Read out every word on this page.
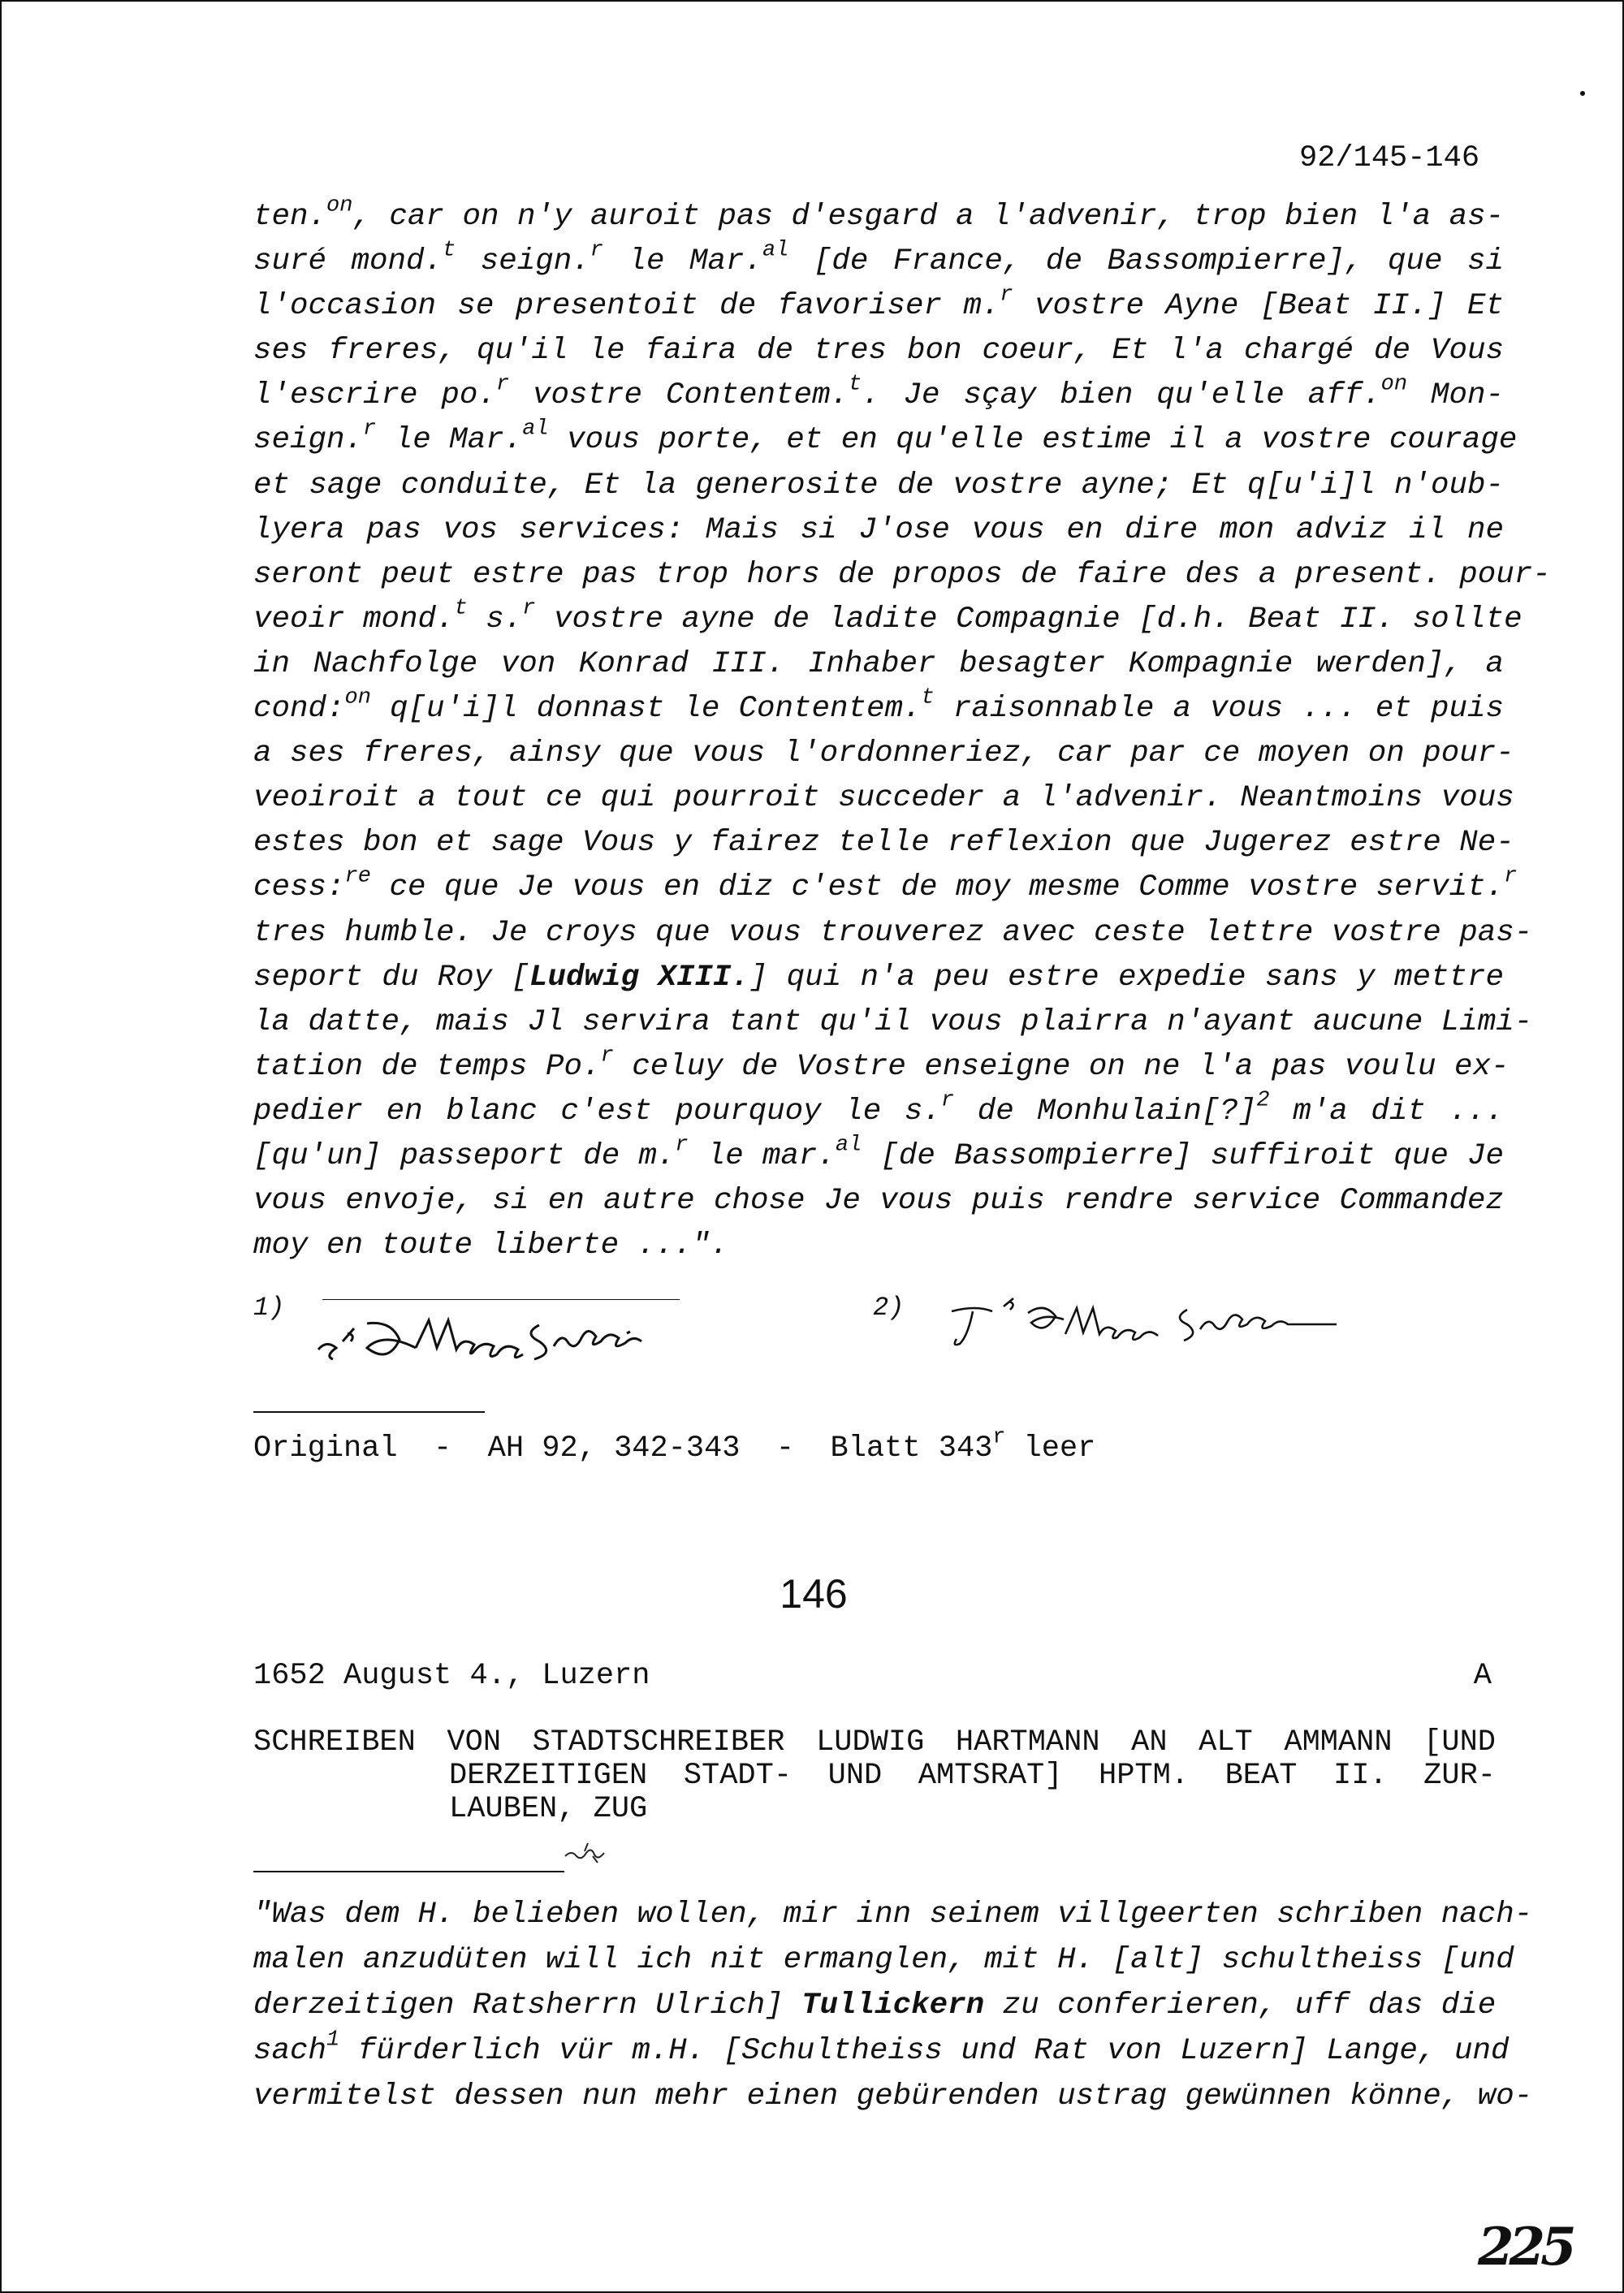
92/145-146
ten.$^{on}$, car on n'y auroit pas d'esgard a l'advenir, trop bien l'a as-
suré mond.$^t$ seign.$^r$ le Mar.$^{al}$ [de France, de Bassompierre], que si
l'occasion se presentoit de favoriser m.$^r$ vostre Ayne [Beat II.] Et
ses freres, qu'il le faira de tres bon coeur, Et l'a chargé de Vous
l'escrire po.$^r$ vostre Contentem.$^t$. Je sçay bien qu'elle aff.$^{on}$ Mon-
seign.$^r$ le Mar.$^{al}$ vous porte, et en qu'elle estime il a vostre courage
et sage conduite, Et la generosite de vostre ayne; Et q[u'i]l n'oub-
lyera pas vos services: Mais si J'ose vous en dire mon adviz il ne
seront peut estre pas trop hors de propos de faire des a present. pour-
veoir mond.$^t$ s.$^r$ vostre ayne de ladite Compagnie [d.h. Beat II. sollte
in Nachfolge von Konrad III. Inhaber besagter Kompagnie werden], a
cond:$^{on}$ q[u'i]l donnast le Contentem.$^t$ raisonnable a vous ... et puis
a ses freres, ainsy que vous l'ordonneriez, car par ce moyen on pour-
veoiroit a tout ce qui pourroit succeder a l'advenir. Neantmoins vous
estes bon et sage Vous y fairez telle reflexion que Jugerez estre Ne-
cess:$^{re}$ ce que Je vous en diz c'est de moy mesme Comme vostre servit.$^r$
tres humble. Je croys que vous trouverez avec ceste lettre vostre pas-
seport du Roy [Ludwig XIII.] qui n'a peu estre expedie sans y mettre
la datte, mais Jl servira tant qu'il vous plairra n'ayant aucune Limi-
tation de temps Po.$^r$ celuy de Vostre enseigne on ne l'a pas voulu ex-
pedier en blanc c'est pourquoy le s.$^r$ de Monhulain[?]$^2$ m'a dit ...
[qu'un] passeport de m.$^r$ le mar.$^{al}$ [de Bassompierre] suffiroit que Je
vous envoje, si en autre chose Je vous puis rendre service Commandez
moy en toute liberte ...".
1)	2)
Original  -  AH 92, 342-343  -  Blatt 343$^r$ leer
146
1652 August 4., Luzern	A
SCHREIBEN VON STADTSCHREIBER LUDWIG HARTMANN AN ALT AMMANN [UND
DERZEITIGEN STADT- UND AMTSRAT] HPTM. BEAT II. ZUR-
LAUBEN, ZUG

"Was dem H. belieben wollen, mir inn seinem villgeerten schriben nach-
malen anzudüten will ich nit ermanglen, mit H. [alt] schultheiss [und
derzeitigen Ratsherrn Ulrich] Tullickern zu conferieren, uff das die
sach$^1$ fürderlich vür m.H. [Schultheiss und Rat von Luzern] Lange, und
vermitelst dessen nun mehr einen gebürenden ustrag gewünnen könne, wo-
225
